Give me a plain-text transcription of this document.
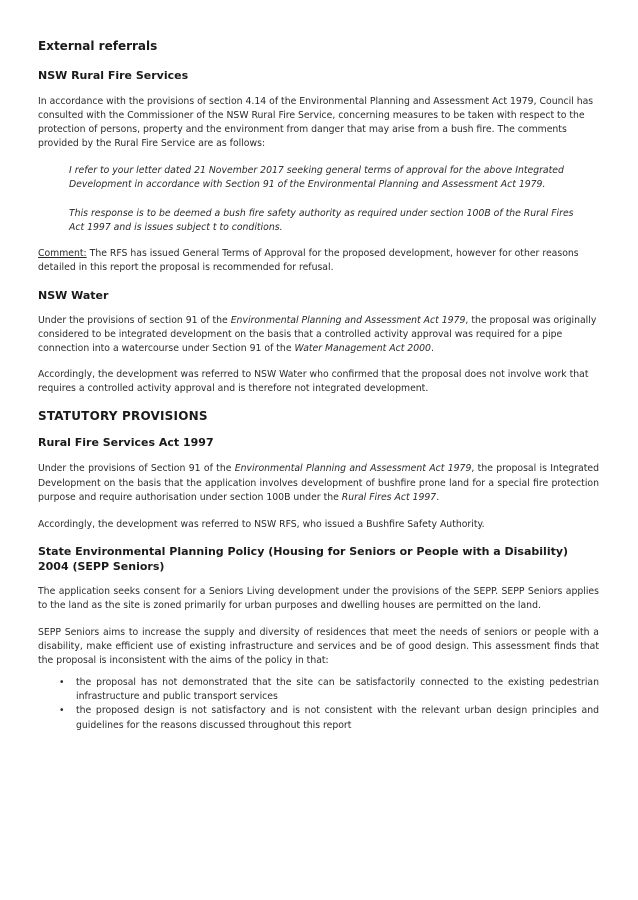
External referrals
NSW Rural Fire Services

In accordance with the provisions of section 4.14 of the Environmental Planning and Assessment Act 1979, Council has consulted with the Commissioner of the NSW Rural Fire Service, concerning measures to be taken with respect to the protection of persons, property and the environment from danger that may arise from a bush fire. The comments provided by the Rural Fire Service are as follows:

I refer to your letter dated 21 November 2017 seeking general terms of approval for the above Integrated Development in accordance with Section 91 of the Environmental Planning and Assessment Act 1979.

This response is to be deemed a bush fire safety authority as required under section 100B of the Rural Fires Act 1997 and is issues subject t to conditions.

Comment: The RFS has issued General Terms of Approval for the proposed development, however for other reasons detailed in this report the proposal is recommended for refusal.

NSW Water

Under the provisions of section 91 of the Environmental Planning and Assessment Act 1979, the proposal was originally considered to be integrated development on the basis that a controlled activity approval was required for a pipe connection into a watercourse under Section 91 of the Water Management Act 2000.

Accordingly, the development was referred to NSW Water who confirmed that the proposal does not involve work that requires a controlled activity approval and is therefore not integrated development.

STATUTORY PROVISIONS
Rural Fire Services Act 1997

Under the provisions of Section 91 of the Environmental Planning and Assessment Act 1979, the proposal is Integrated Development on the basis that the application involves development of bushfire prone land for a special fire protection purpose and require authorisation under section 100B under the Rural Fires Act 1997.

Accordingly, the development was referred to NSW RFS, who issued a Bushfire Safety Authority.

State Environmental Planning Policy (Housing for Seniors or People with a Disability) 2004 (SEPP Seniors)

The application seeks consent for a Seniors Living development under the provisions of the SEPP. SEPP Seniors applies to the land as the site is zoned primarily for urban purposes and dwelling houses are permitted on the land.

SEPP Seniors aims to increase the supply and diversity of residences that meet the needs of seniors or people with a disability, make efficient use of existing infrastructure and services and be of good design. This assessment finds that the proposal is inconsistent with the aims of the policy in that:

• the proposal has not demonstrated that the site can be satisfactorily connected to the existing pedestrian infrastructure and public transport services
• the proposed design is not satisfactory and is not consistent with the relevant urban design principles and guidelines for the reasons discussed throughout this report
